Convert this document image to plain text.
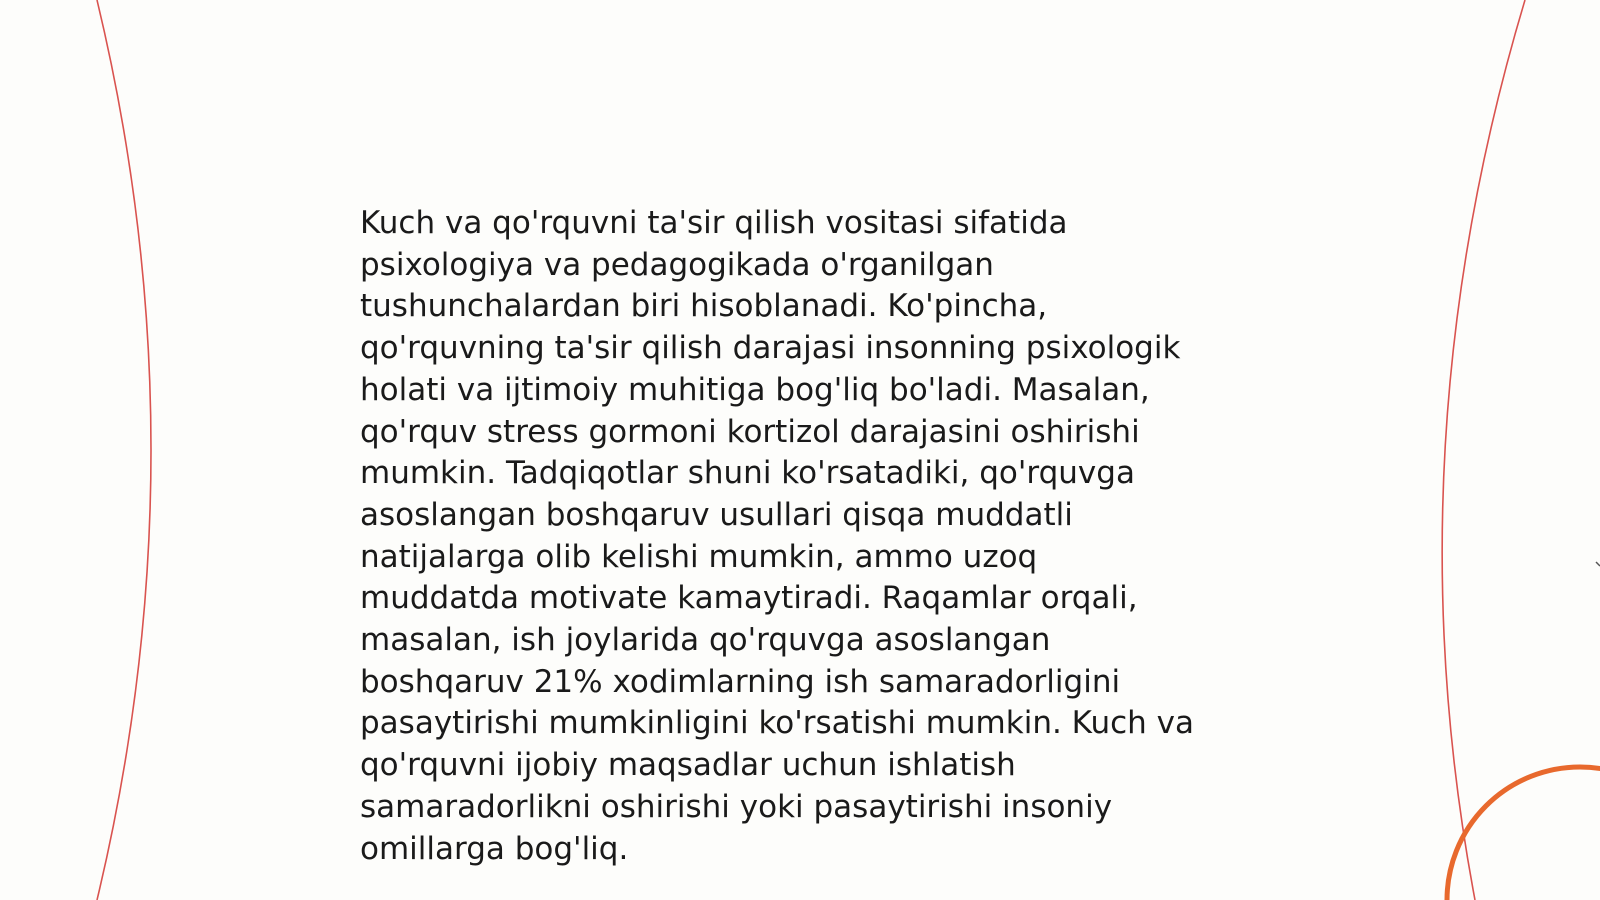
Kuch va qo'rquvni ta'sir qilish vositasi sifatida
psixologiya va pedagogikada o'rganilgan
tushunchalardan biri hisoblanadi. Ko'pincha,
qo'rquvning ta'sir qilish darajasi insonning psixologik
holati va ijtimoiy muhitiga bog'liq bo'ladi. Masalan,
qo'rquv stress gormoni kortizol darajasini oshirishi
mumkin. Tadqiqotlar shuni ko'rsatadiki, qo'rquvga
asoslangan boshqaruv usullari qisqa muddatli
natijalarga olib kelishi mumkin, ammo uzoq
muddatda motivate kamaytiradi. Raqamlar orqali,
masalan, ish joylarida qo'rquvga asoslangan
boshqaruv 21% xodimlarning ish samaradorligini
pasaytirishi mumkinligini ko'rsatishi mumkin. Kuch va
qo'rquvni ijobiy maqsadlar uchun ishlatish
samaradorlikni oshirishi yoki pasaytirishi insoniy
omillarga bog'liq.
